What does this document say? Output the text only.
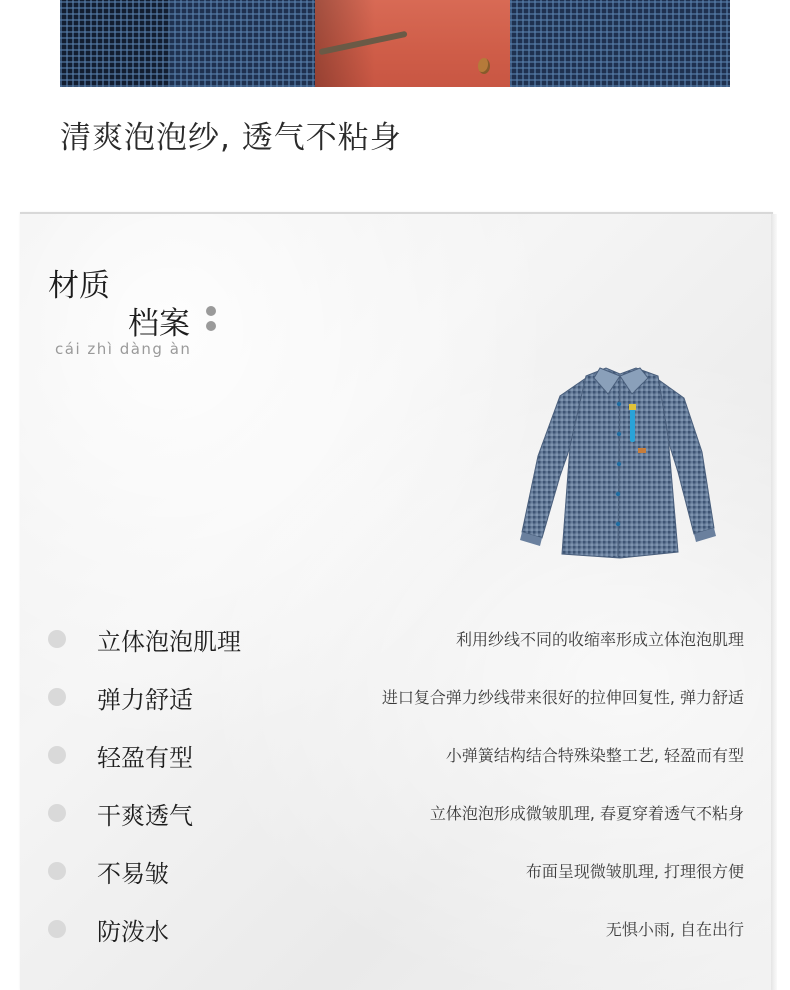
清爽泡泡纱, 透气不粘身
材质
档案
cái zhì dàng àn
立体泡泡肌理	利用纱线不同的收缩率形成立体泡泡肌理
弹力舒适	进口复合弹力纱线带来很好的拉伸回复性, 弹力舒适
轻盈有型	小弹簧结构结合特殊染整工艺, 轻盈而有型
干爽透气	立体泡泡形成微皱肌理, 春夏穿着透气不粘身
不易皱	布面呈现微皱肌理, 打理很方便
防泼水	无惧小雨, 自在出行
